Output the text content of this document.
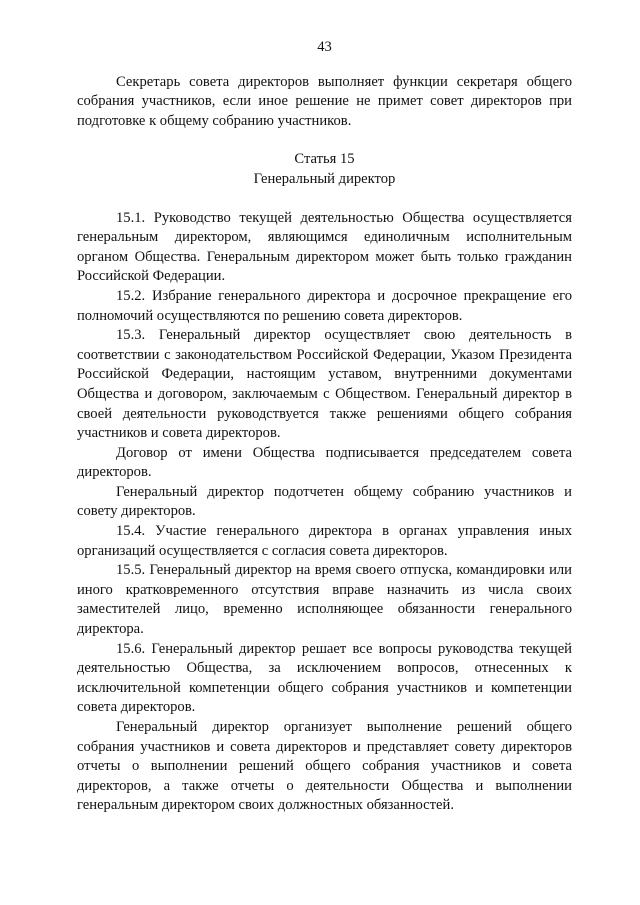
43

Секретарь совета директоров выполняет функции секретаря общего собрания участников, если иное решение не примет совет директоров при подготовке к общему собранию участников.

Статья 15
Генеральный директор

15.1. Руководство текущей деятельностью Общества осуществляется генеральным директором, являющимся единоличным исполнительным органом Общества. Генеральным директором может быть только гражданин Российской Федерации.

15.2. Избрание генерального директора и досрочное прекращение его полномочий осуществляются по решению совета директоров.

15.3. Генеральный директор осуществляет свою деятельность в соответствии с законодательством Российской Федерации, Указом Президента Российской Федерации, настоящим уставом, внутренними документами Общества и договором, заключаемым с Обществом. Генеральный директор в своей деятельности руководствуется также решениями общего собрания участников и совета директоров.

Договор от имени Общества подписывается председателем совета директоров.

Генеральный директор подотчетен общему собранию участников и совету директоров.

15.4. Участие генерального директора в органах управления иных организаций осуществляется с согласия совета директоров.

15.5. Генеральный директор на время своего отпуска, командировки или иного кратковременного отсутствия вправе назначить из числа своих заместителей лицо, временно исполняющее обязанности генерального директора.

15.6. Генеральный директор решает все вопросы руководства текущей деятельностью Общества, за исключением вопросов, отнесенных к исключительной компетенции общего собрания участников и компетенции совета директоров.

Генеральный директор организует выполнение решений общего собрания участников и совета директоров и представляет совету директоров отчеты о выполнении решений общего собрания участников и совета директоров, а также отчеты о деятельности Общества и выполнении генеральным директором своих должностных обязанностей.
